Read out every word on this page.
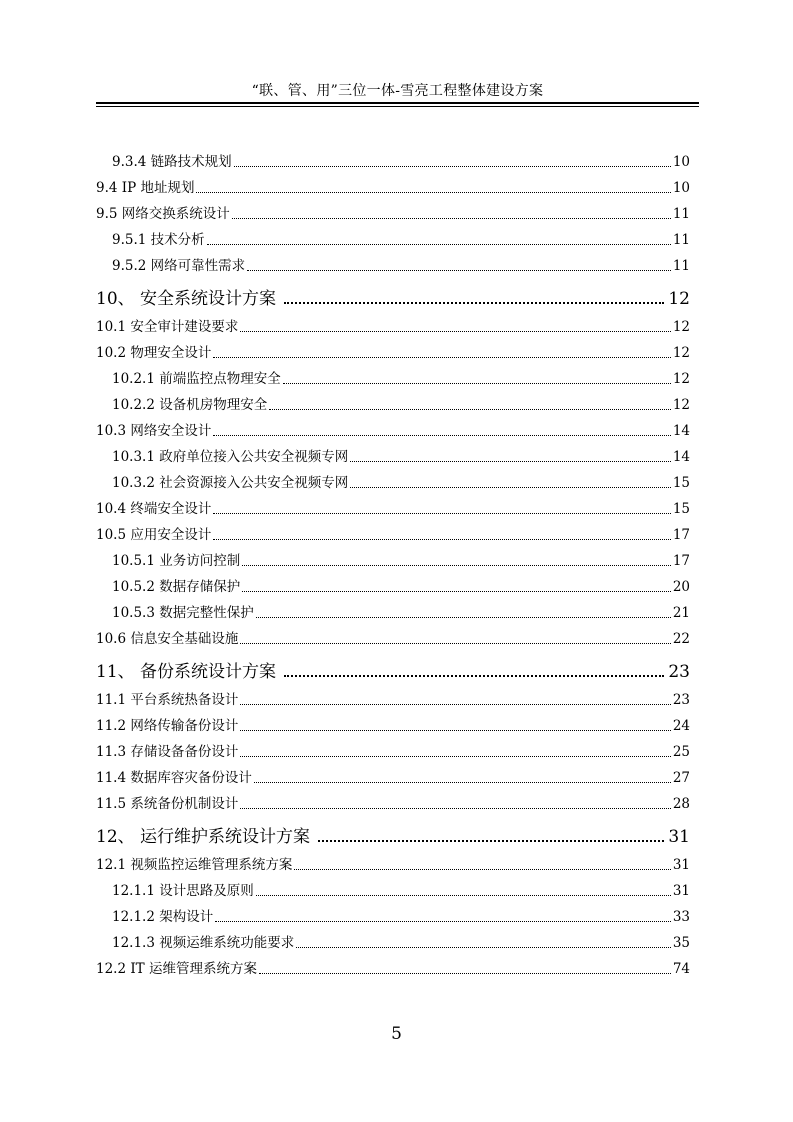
“联、管、用”三位一体-雪亮工程整体建设方案
9.3.4 链路技术规划	10
9.4 IP 地址规划	10
9.5 网络交换系统设计	11
9.5.1 技术分析	11
9.5.2 网络可靠性需求	11
10、 安全系统设计方案	12
10.1 安全审计建设要求	12
10.2 物理安全设计	12
10.2.1 前端监控点物理安全	12
10.2.2 设备机房物理安全	12
10.3 网络安全设计	14
10.3.1 政府单位接入公共安全视频专网	14
10.3.2 社会资源接入公共安全视频专网	15
10.4 终端安全设计	15
10.5 应用安全设计	17
10.5.1 业务访问控制	17
10.5.2 数据存储保护	20
10.5.3 数据完整性保护	21
10.6 信息安全基础设施	22
11、 备份系统设计方案	23
11.1 平台系统热备设计	23
11.2 网络传输备份设计	24
11.3 存储设备备份设计	25
11.4 数据库容灾备份设计	27
11.5 系统备份机制设计	28
12、 运行维护系统设计方案	31
12.1 视频监控运维管理系统方案	31
12.1.1 设计思路及原则	31
12.1.2 架构设计	33
12.1.3 视频运维系统功能要求	35
12.2 IT 运维管理系统方案	74
5
